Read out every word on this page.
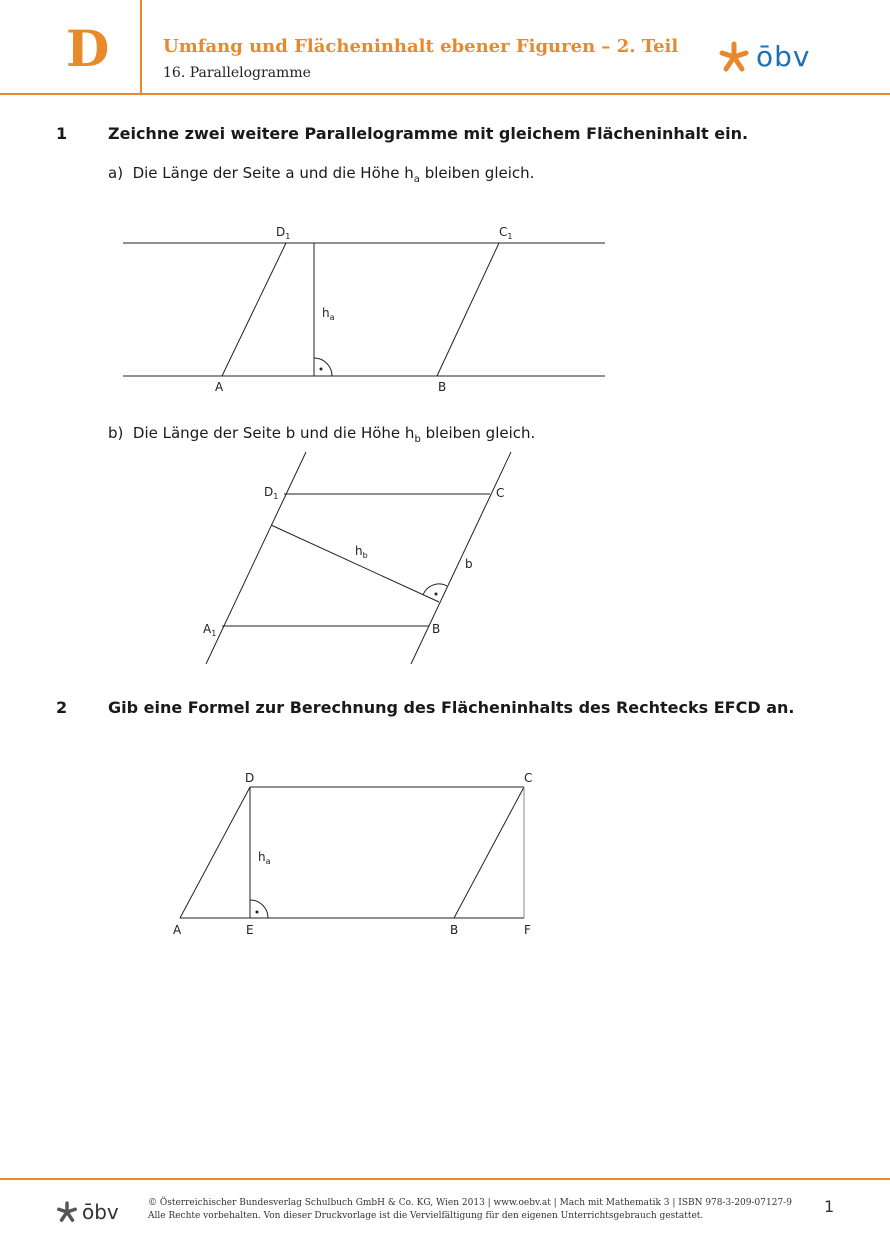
D	Umfang und Flächeninhalt ebener Figuren – 2. Teil
16. Parallelogramme	ōbv
1	Zeichne zwei weitere Parallelogramme mit gleichem Flächeninhalt ein.
a) Die Länge der Seite a und die Höhe $h_a$ bleiben gleich.
$D_1$	$C_1$
$h_a$
A	B
$D_1$	C
$h_b$
b
$A_1$	B
D	C
$h_a$
A	E	B	F
b) Die Länge der Seite b und die Höhe $h_b$ bleiben gleich.
2	Gib eine Formel zur Berechnung des Flächeninhalts des Rechtecks EFCD an.
ōbv	© Österreichischer Bundesverlag Schulbuch GmbH & Co. KG, Wien 2013 | www.oebv.at | Mach mit Mathematik 3 | ISBN 978-3-209-07127-9
Alle Rechte vorbehalten. Von dieser Druckvorlage ist die Vervielfältigung für den eigenen Unterrichtsgebrauch gestattet.	1
